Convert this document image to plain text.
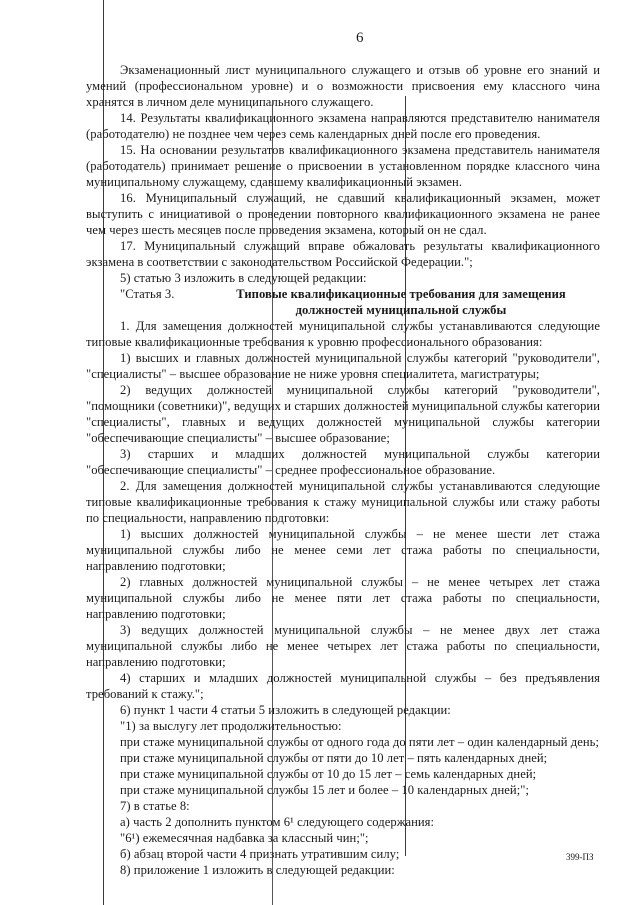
6

Экзаменационный лист муниципального служащего и отзыв об уровне его знаний и умений (профессиональном уровне) и о возможности присвоения ему классного чина хранятся в личном деле муниципального служащего.

14. Результаты квалификационного экзамена направляются представителю нанимателя (работодателю) не позднее чем через семь календарных дней после его проведения.

15. На основании результатов квалификационного экзамена представитель нанимателя (работодатель) принимает решение о присвоении в установленном порядке классного чина муниципальному служащему, сдавшему квалификационный экзамен.

16. Муниципальный служащий, не сдавший квалификационный экзамен, может выступить с инициативой о проведении повторного квалификационного экзамена не ранее чем через шесть месяцев после проведения экзамена, который он не сдал.

17. Муниципальный служащий вправе обжаловать результаты квалификационного экзамена в соответствии с законодательством Российской Федерации.";

5) статью 3 изложить в следующей редакции:

"Статья 3.	Типовые квалификационные требования для замещения должностей муниципальной службы

1. Для замещения должностей муниципальной службы устанавливаются следующие типовые квалификационные требования к уровню профессионального образования:

1) высших и главных должностей муниципальной службы категорий "руководители", "специалисты" – высшее образование не ниже уровня специалитета, магистратуры;

2) ведущих должностей муниципальной службы категорий "руководители", "помощники (советники)", ведущих и старших должностей муниципальной службы категории "специалисты", главных и ведущих должностей муниципальной службы категории "обеспечивающие специалисты" – высшее образование;

3) старших и младших должностей муниципальной службы категории "обеспечивающие специалисты" – среднее профессиональное образование.

2. Для замещения должностей муниципальной службы устанавливаются следующие типовые квалификационные требования к стажу муниципальной службы или стажу работы по специальности, направлению подготовки:

1) высших должностей муниципальной службы – не менее шести лет стажа муниципальной службы либо не менее семи лет стажа работы по специальности, направлению подготовки;

2) главных должностей муниципальной службы – не менее четырех лет стажа муниципальной службы либо не менее пяти лет стажа работы по специальности, направлению подготовки;

3) ведущих должностей муниципальной службы – не менее двух лет стажа муниципальной службы либо не менее четырех лет стажа работы по специальности, направлению подготовки;

4) старших и младших должностей муниципальной службы – без предъявления требований к стажу.";

6) пункт 1 части 4 статьи 5 изложить в следующей редакции:

"1) за выслугу лет продолжительностью:

при стаже муниципальной службы от одного года до пяти лет – один календарный день;

при стаже муниципальной службы от пяти до 10 лет – пять календарных дней;

при стаже муниципальной службы от 10 до 15 лет – семь календарных дней;

при стаже муниципальной службы 15 лет и более – 10 календарных дней;";

7) в статье 8:

а) часть 2 дополнить пунктом 6¹ следующего содержания:

"6¹) ежемесячная надбавка за классный чин;";

б) абзац второй части 4 признать утратившим силу;

8) приложение 1 изложить в следующей редакции:

399-ПЗ
